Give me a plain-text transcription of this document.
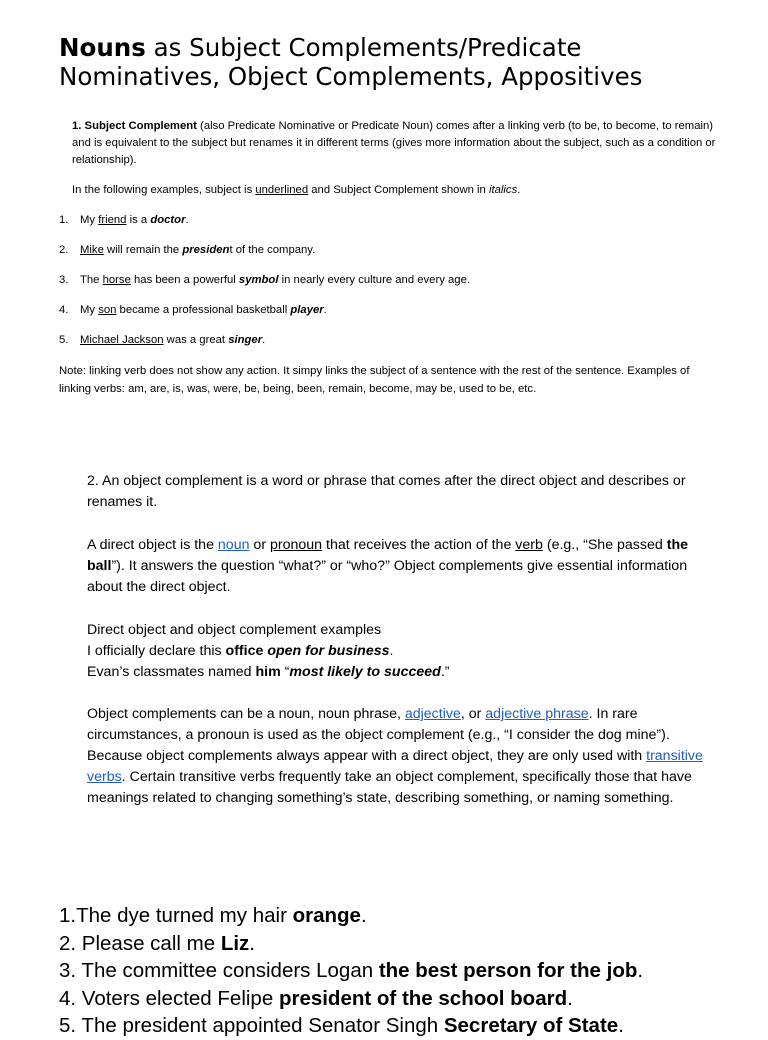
Nouns as Subject Complements/Predicate Nominatives, Object Complements, Appositives
1. Subject Complement (also Predicate Nominative or Predicate Noun) comes after a linking verb (to be, to become, to remain) and is equivalent to the subject but renames it in different terms (gives more information about the subject, such as a condition or relationship).
In the following examples, subject is underlined and Subject Complement shown in italics.
1. My friend is a doctor.
2. Mike will remain the president of the company.
3. The horse has been a powerful symbol in nearly every culture and every age.
4. My son became a professional basketball player.
5. Michael Jackson was a great singer.
Note: linking verb does not show any action. It simpy links the subject of a sentence with the rest of the sentence. Examples of linking verbs: am, are, is, was, were, be, being, been, remain, become, may be, used to be, etc.
2. An object complement is a word or phrase that comes after the direct object and describes or renames it.
A direct object is the noun or pronoun that receives the action of the verb (e.g., “She passed the ball”). It answers the question “what?” or “who?” Object complements give essential information about the direct object.
Direct object and object complement examples
I officially declare this office open for business.
Evan’s classmates named him “most likely to succeed.”
Object complements can be a noun, noun phrase, adjective, or adjective phrase. In rare circumstances, a pronoun is used as the object complement (e.g., “I consider the dog mine”). Because object complements always appear with a direct object, they are only used with transitive verbs. Certain transitive verbs frequently take an object complement, specifically those that have meanings related to changing something’s state, describing something, or naming something.
1.The dye turned my hair orange.
2. Please call me Liz.
3. The committee considers Logan the best person for the job.
4. Voters elected Felipe president of the school board.
5. The president appointed Senator Singh Secretary of State.
